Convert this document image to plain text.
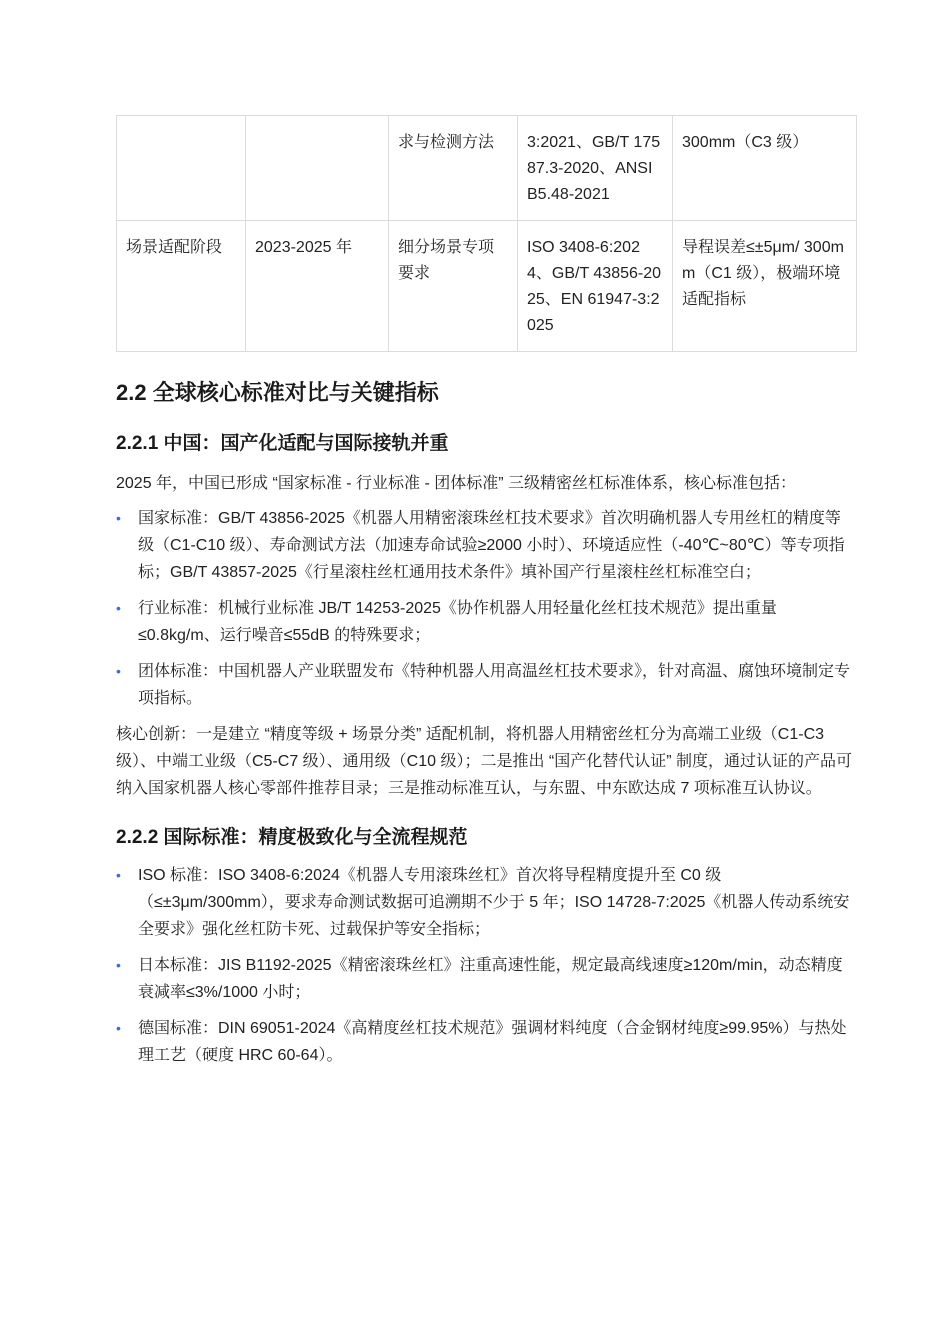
		求与检测方法	3:2021、GB/T 17587.3-2020、ANSI B5.48-2021	300mm（C3 级）
场景适配阶段	2023-2025 年	细分场景专项要求	ISO 3408-6:2024、GB/T 43856-2025、EN 61947-3:2025	导程误差≤±5μm/ 300mm（C1 级），极端环境适配指标
2.2 全球核心标准对比与关键指标
2.2.1 中国：国产化适配与国际接轨并重
2025 年，中国已形成 “国家标准 - 行业标准 - 团体标准” 三级精密丝杠标准体系，核心标准包括：
• 国家标准：GB/T 43856-2025《机器人用精密滚珠丝杠技术要求》首次明确机器人专用丝杠的精度等级（C1-C10 级）、寿命测试方法（加速寿命试验≥2000 小时）、环境适应性（-40℃~80℃）等专项指标；GB/T 43857-2025《行星滚柱丝杠通用技术条件》填补国产行星滚柱丝杠标准空白；
• 行业标准：机械行业标准 JB/T 14253-2025《协作机器人用轻量化丝杠技术规范》提出重量≤0.8kg/m、运行噪音≤55dB 的特殊要求；
• 团体标准：中国机器人产业联盟发布《特种机器人用高温丝杠技术要求》，针对高温、腐蚀环境制定专项指标。
核心创新：一是建立 “精度等级 + 场景分类” 适配机制，将机器人用精密丝杠分为高端工业级（C1-C3 级）、中端工业级（C5-C7 级）、通用级（C10 级）；二是推出 “国产化替代认证” 制度，通过认证的产品可纳入国家机器人核心零部件推荐目录；三是推动标准互认，与东盟、中东欧达成 7 项标准互认协议。
2.2.2 国际标准：精度极致化与全流程规范
• ISO 标准：ISO 3408-6:2024《机器人专用滚珠丝杠》首次将导程精度提升至 C0 级（≤±3μm/300mm），要求寿命测试数据可追溯期不少于 5 年；ISO 14728-7:2025《机器人传动系统安全要求》强化丝杠防卡死、过载保护等安全指标；
• 日本标准：JIS B1192-2025《精密滚珠丝杠》注重高速性能，规定最高线速度≥120m/min，动态精度衰减率≤3%/1000 小时；
• 德国标准：DIN 69051-2024《高精度丝杠技术规范》强调材料纯度（合金钢材纯度≥99.95%）与热处理工艺（硬度 HRC 60-64）。
